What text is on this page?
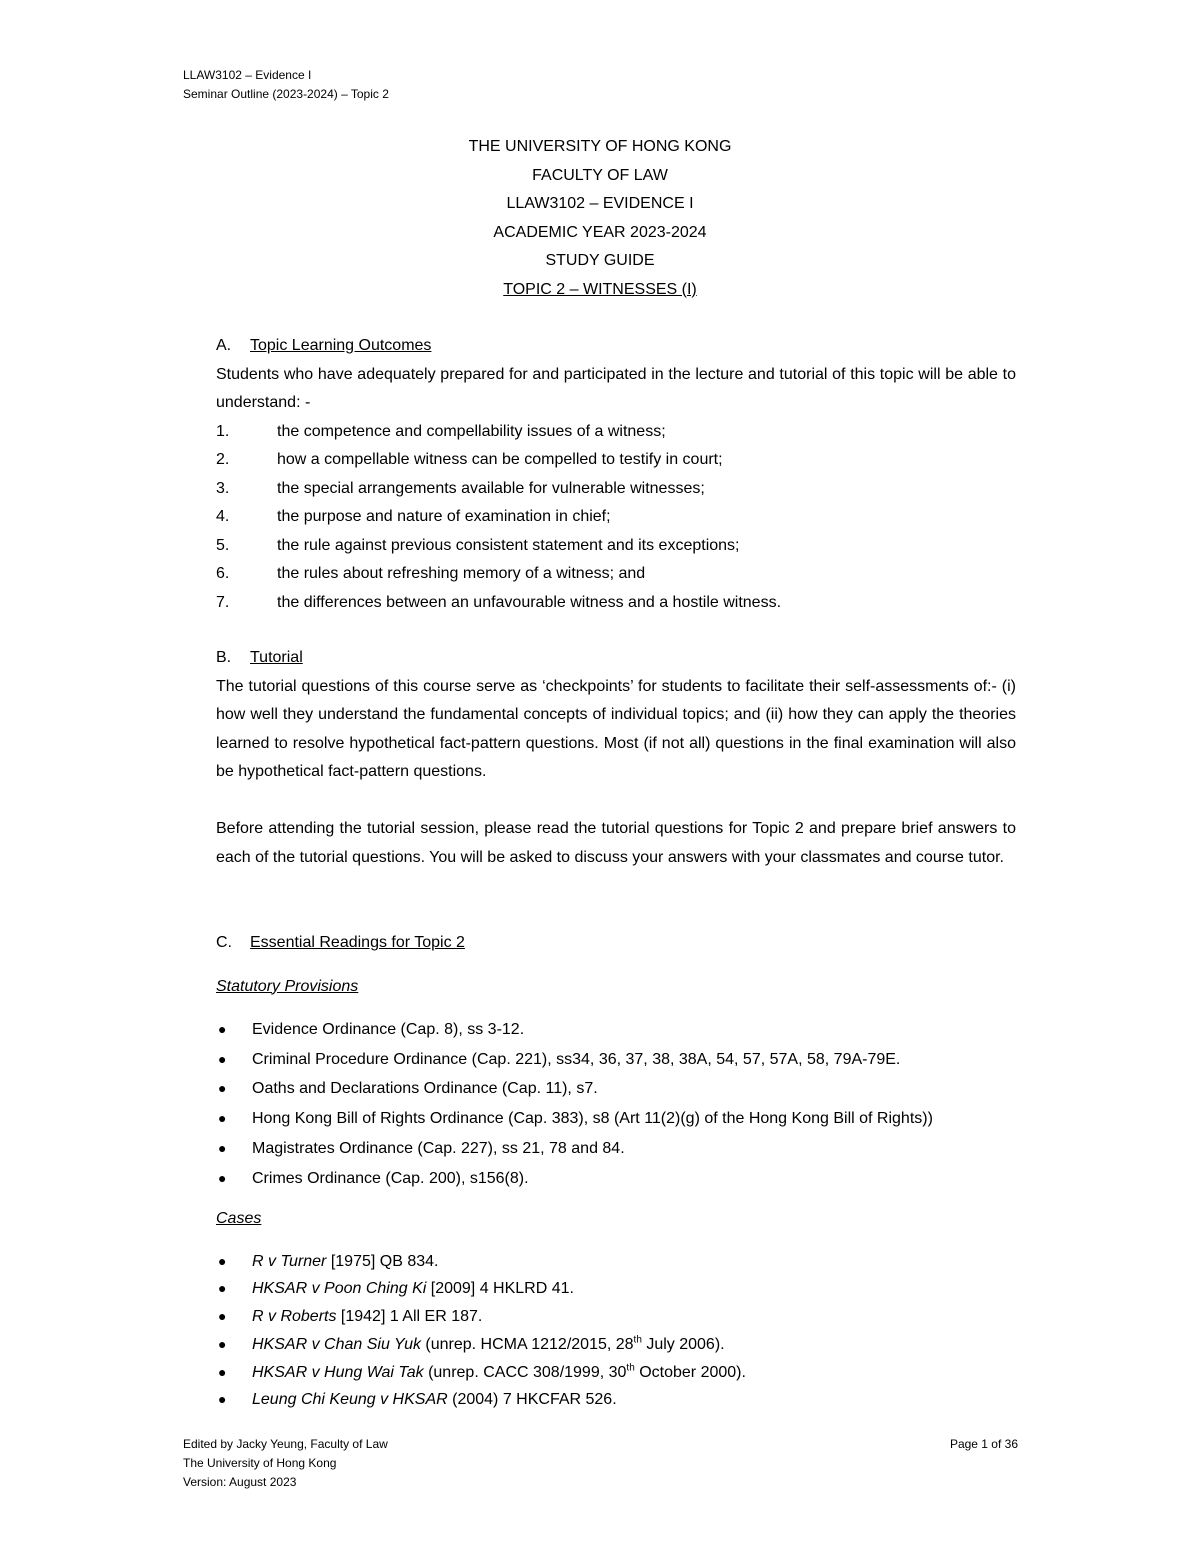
LLAW3102 – Evidence I
Seminar Outline (2023-2024) – Topic 2
THE UNIVERSITY OF HONG KONG
FACULTY OF LAW
LLAW3102 – EVIDENCE I
ACADEMIC YEAR 2023-2024
STUDY GUIDE
TOPIC 2 – WITNESSES (I)
A.	Topic Learning Outcomes
Students who have adequately prepared for and participated in the lecture and tutorial of this topic will be able to understand: -
1.	the competence and compellability issues of a witness;
2.	how a compellable witness can be compelled to testify in court;
3.	the special arrangements available for vulnerable witnesses;
4.	the purpose and nature of examination in chief;
5.	the rule against previous consistent statement and its exceptions;
6.	the rules about refreshing memory of a witness; and
7.	the differences between an unfavourable witness and a hostile witness.
B.	Tutorial
The tutorial questions of this course serve as ‘checkpoints’ for students to facilitate their self-assessments of:- (i) how well they understand the fundamental concepts of individual topics; and (ii) how they can apply the theories learned to resolve hypothetical fact-pattern questions. Most (if not all) questions in the final examination will also be hypothetical fact-pattern questions.
Before attending the tutorial session, please read the tutorial questions for Topic 2 and prepare brief answers to each of the tutorial questions. You will be asked to discuss your answers with your classmates and course tutor.
C.	Essential Readings for Topic 2
Statutory Provisions
●	Evidence Ordinance (Cap. 8), ss 3-12.
●	Criminal Procedure Ordinance (Cap. 221), ss34, 36, 37, 38, 38A, 54, 57, 57A, 58, 79A-79E.
●	Oaths and Declarations Ordinance (Cap. 11), s7.
●	Hong Kong Bill of Rights Ordinance (Cap. 383), s8 (Art 11(2)(g) of the Hong Kong Bill of Rights))
●	Magistrates Ordinance (Cap. 227), ss 21, 78 and 84.
●	Crimes Ordinance (Cap. 200), s156(8).
Cases
●	R v Turner [1975] QB 834.
●	HKSAR v Poon Ching Ki [2009] 4 HKLRD 41.
●	R v Roberts [1942] 1 All ER 187.
●	HKSAR v Chan Siu Yuk (unrep. HCMA 1212/2015, 28th July 2006).
●	HKSAR v Hung Wai Tak (unrep. CACC 308/1999, 30th October 2000).
●	Leung Chi Keung v HKSAR (2004) 7 HKCFAR 526.
Edited by Jacky Yeung, Faculty of Law
The University of Hong Kong
Version: August 2023
Page 1 of 36
